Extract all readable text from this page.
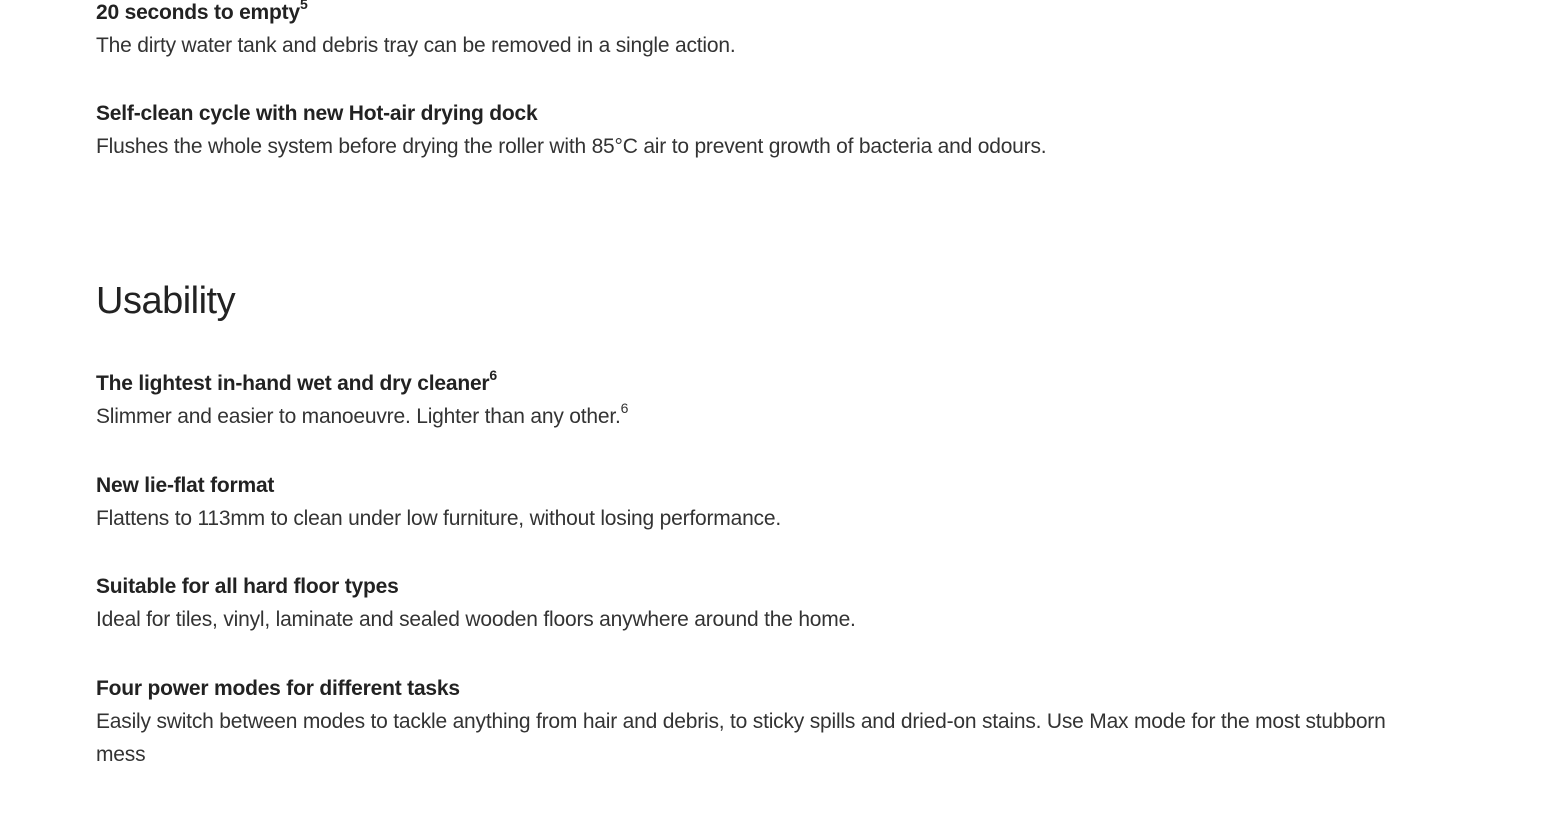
20 seconds to empty$^5$
The dirty water tank and debris tray can be removed in a single action.
Self-clean cycle with new Hot-air drying dock
Flushes the whole system before drying the roller with 85°C air to prevent growth of bacteria and odours.
Usability
The lightest in-hand wet and dry cleaner$^6$
Slimmer and easier to manoeuvre. Lighter than any other.$^6$
New lie-flat format
Flattens to 113mm to clean under low furniture, without losing performance.
Suitable for all hard floor types
Ideal for tiles, vinyl, laminate and sealed wooden floors anywhere around the home.
Four power modes for different tasks
Easily switch between modes to tackle anything from hair and debris, to sticky spills and dried-on stains. Use Max mode for the most stubborn mess
